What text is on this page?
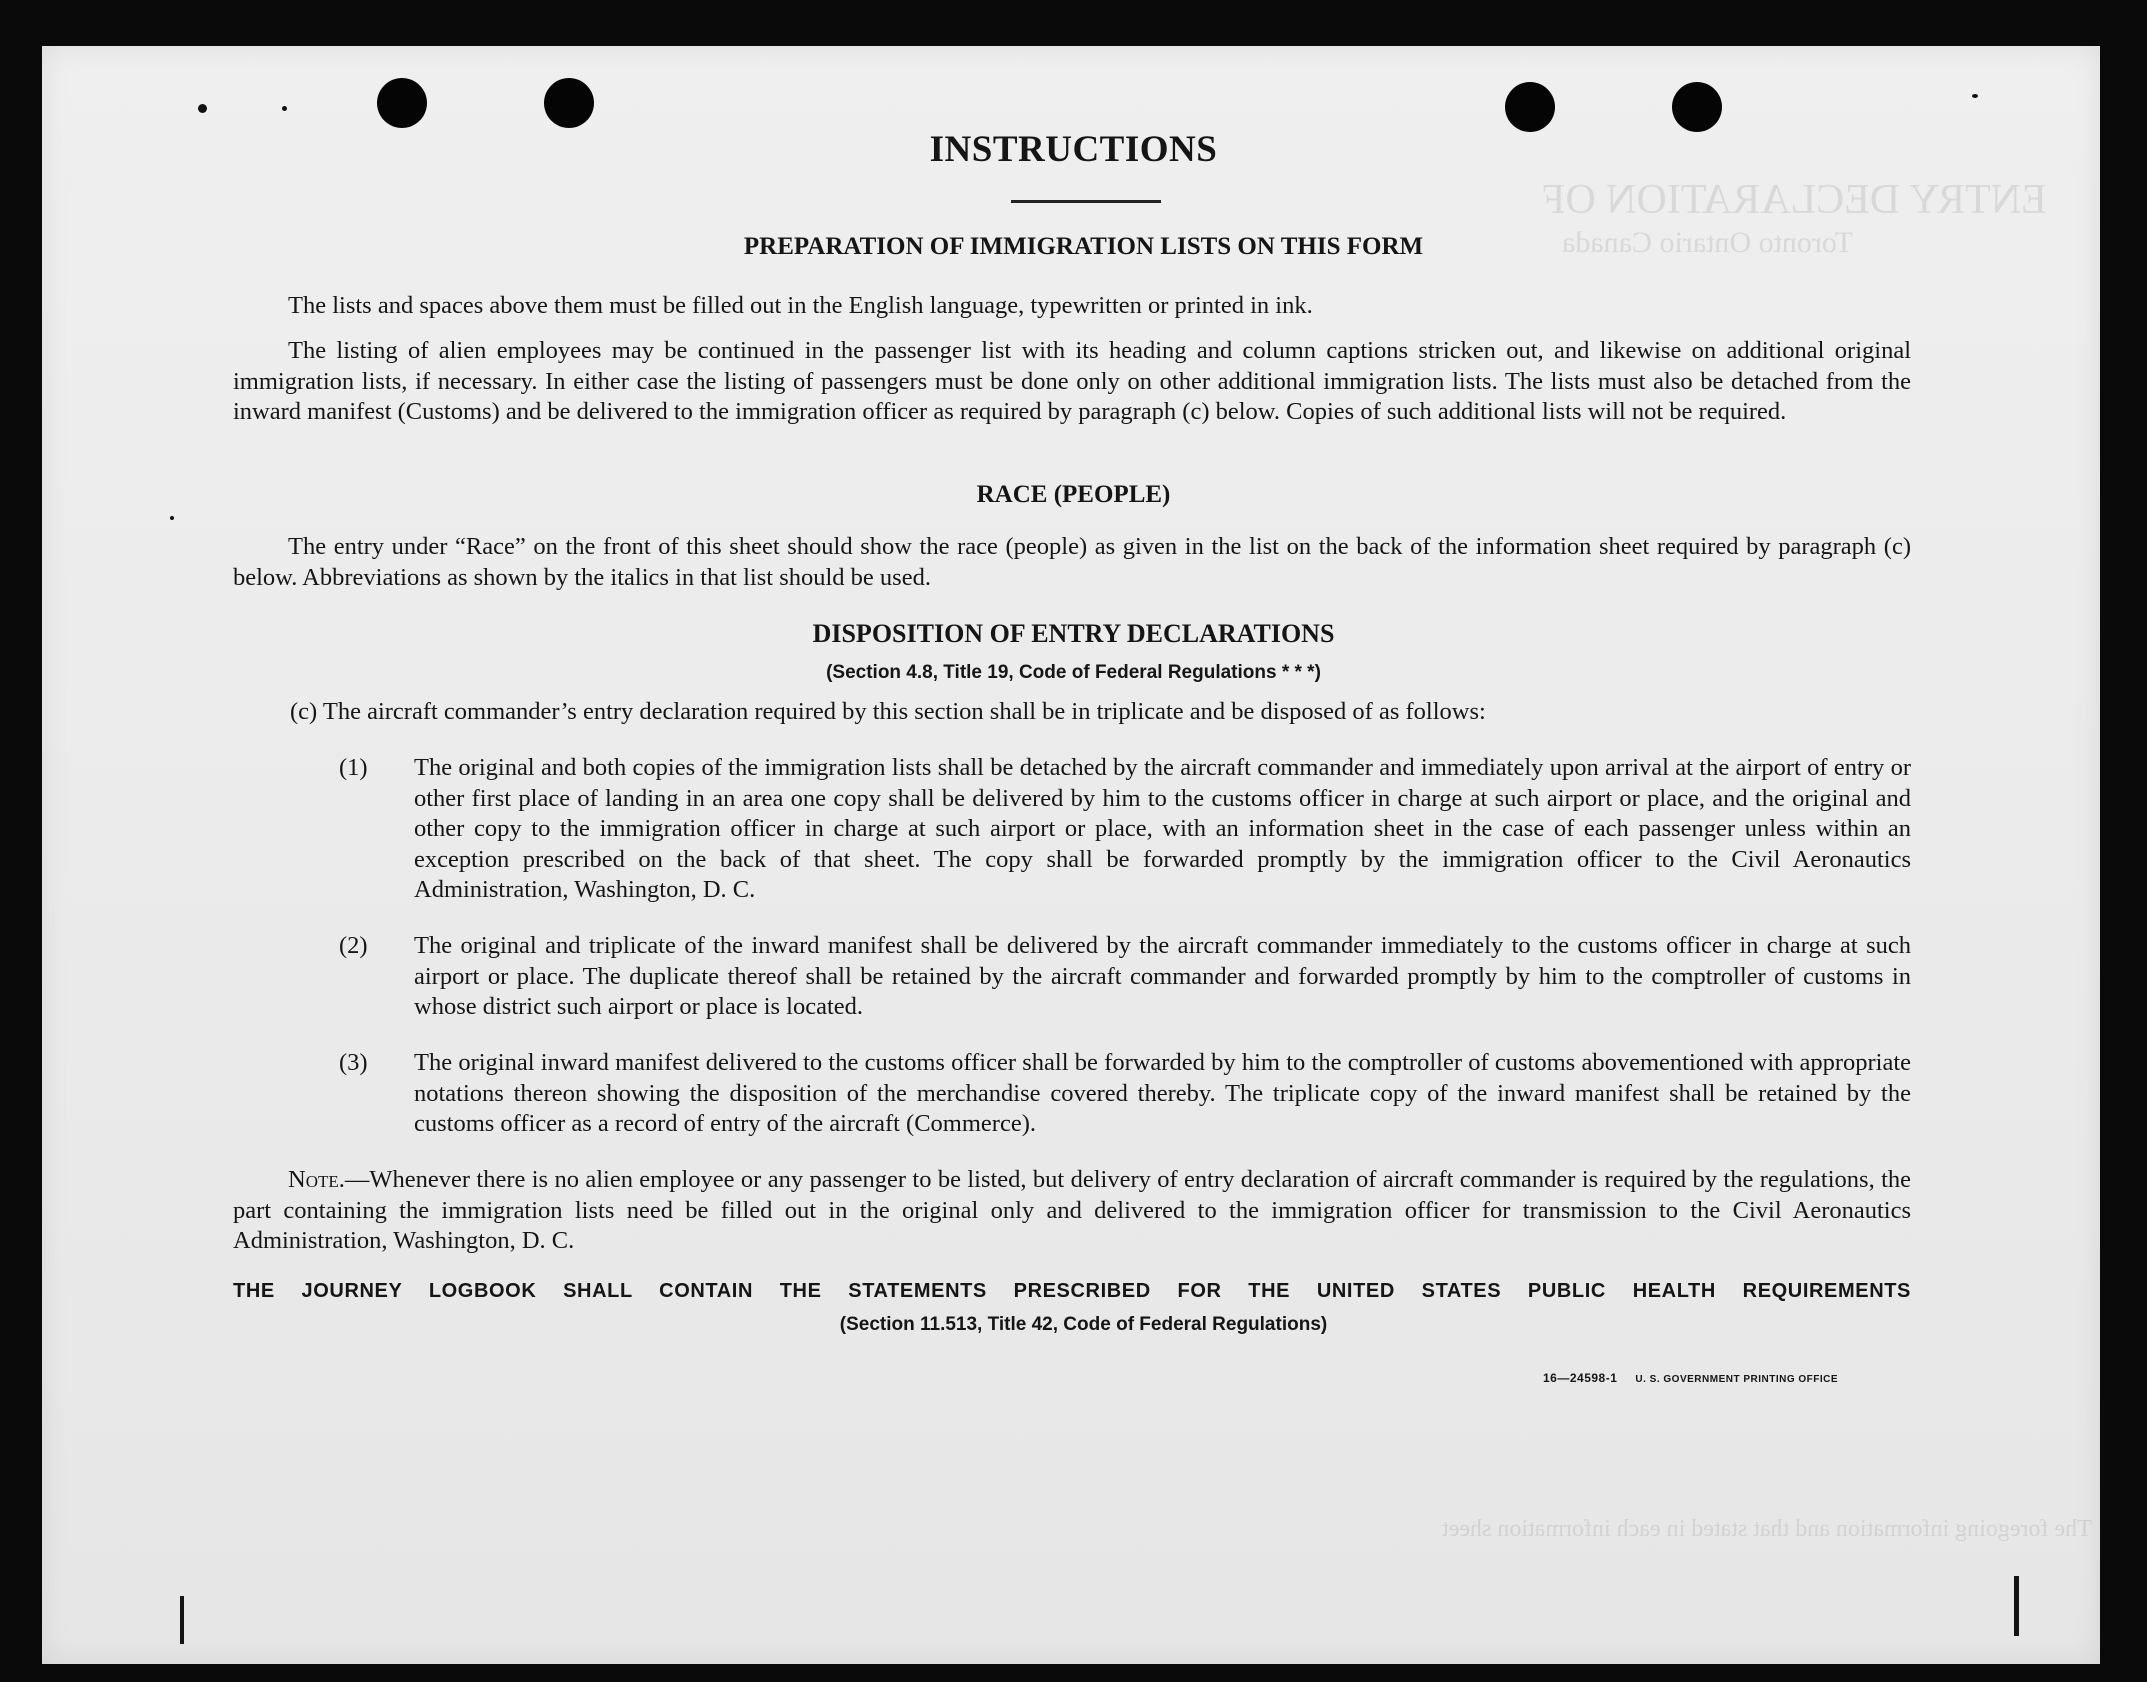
ENTRY DECLARATION OF
Toronto Ontario Canada
The foregoing information and that stated in each information sheet
INSTRUCTIONS
PREPARATION OF IMMIGRATION LISTS ON THIS FORM
The lists and spaces above them must be filled out in the English language, typewritten or printed in ink.
The listing of alien employees may be continued in the passenger list with its heading and column captions stricken out, and likewise on additional original immigration lists, if necessary. In either case the listing of passengers must be done only on other additional immigration lists. The lists must also be detached from the inward manifest (Customs) and be delivered to the immigration officer as required by paragraph (c) below. Copies of such additional lists will not be required.
RACE (PEOPLE)
The entry under “Race” on the front of this sheet should show the race (people) as given in the list on the back of the information sheet required by paragraph (c) below. Abbreviations as shown by the italics in that list should be used.
DISPOSITION OF ENTRY DECLARATIONS
(Section 4.8, Title 19, Code of Federal Regulations * * *)
(c) The aircraft commander’s entry declaration required by this section shall be in triplicate and be disposed of as follows:
(1) The original and both copies of the immigration lists shall be detached by the aircraft commander and immediately upon arrival at the airport of entry or other first place of landing in an area one copy shall be delivered by him to the customs officer in charge at such airport or place, and the original and other copy to the immigration officer in charge at such airport or place, with an information sheet in the case of each passenger unless within an exception prescribed on the back of that sheet. The copy shall be forwarded promptly by the immigration officer to the Civil Aeronautics Administration, Washington, D. C.
(2) The original and triplicate of the inward manifest shall be delivered by the aircraft commander immediately to the customs officer in charge at such airport or place. The duplicate thereof shall be retained by the aircraft commander and forwarded promptly by him to the comptroller of customs in whose district such airport or place is located.
(3) The original inward manifest delivered to the customs officer shall be forwarded by him to the comptroller of customs abovementioned with appropriate notations thereon showing the disposition of the merchandise covered thereby. The triplicate copy of the inward manifest shall be retained by the customs officer as a record of entry of the aircraft (Commerce).
Note.—Whenever there is no alien employee or any passenger to be listed, but delivery of entry declaration of aircraft commander is required by the regulations, the part containing the immigration lists need be filled out in the original only and delivered to the immigration officer for transmission to the Civil Aeronautics Administration, Washington, D. C.
THE JOURNEY LOGBOOK SHALL CONTAIN THE STATEMENTS PRESCRIBED FOR THE UNITED STATES PUBLIC HEALTH REQUIREMENTS
(Section 11.513, Title 42, Code of Federal Regulations)
16—24598-1 U. S. GOVERNMENT PRINTING OFFICE
